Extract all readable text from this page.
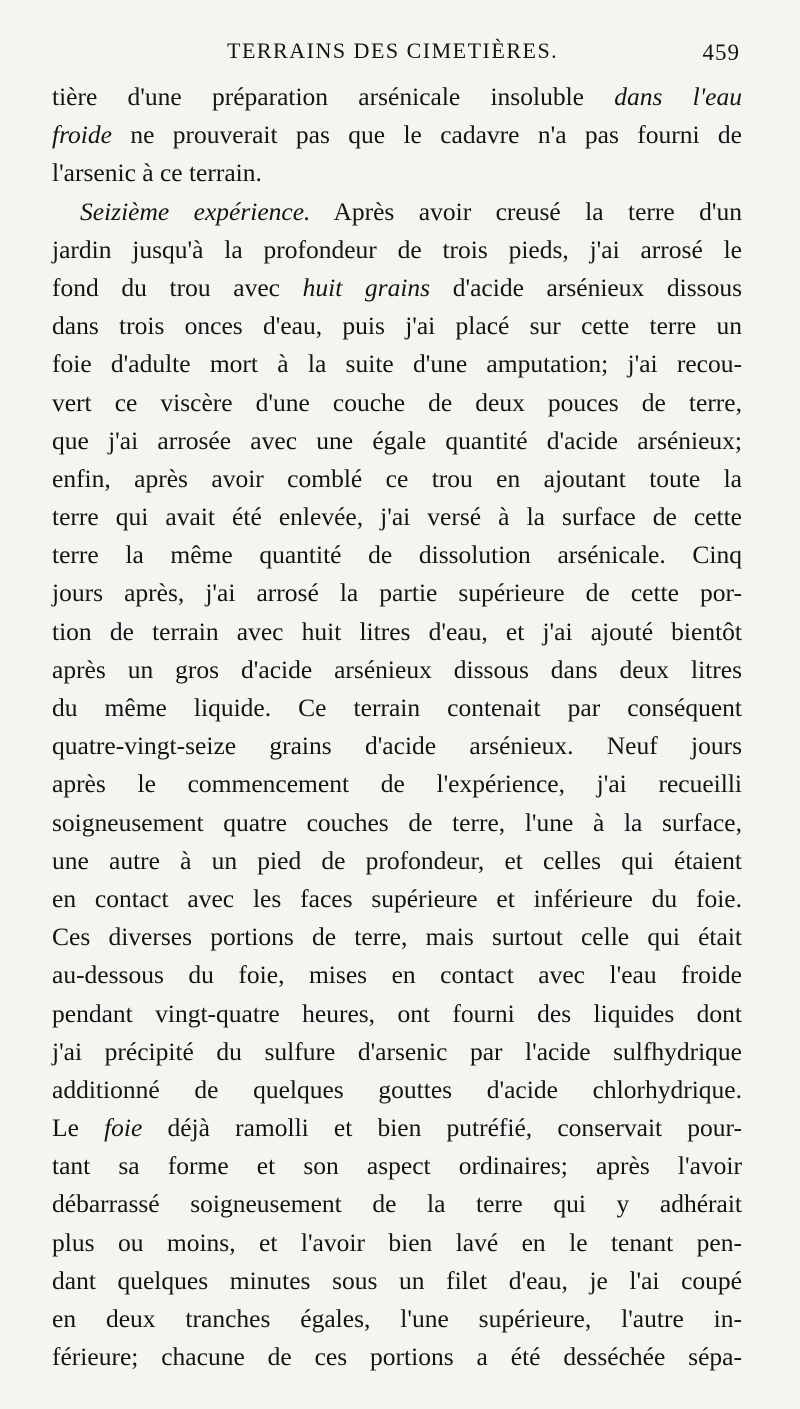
TERRAINS DES CIMETIÈRES.	459
tière d'une préparation arsénicale insoluble dans l'eau
froide ne prouverait pas que le cadavre n'a pas fourni de
l'arsenic à ce terrain.
Seizième expérience. Après avoir creusé la terre d'un
jardin jusqu'à la profondeur de trois pieds, j'ai arrosé le
fond du trou avec huit grains d'acide arsénieux dissous
dans trois onces d'eau, puis j'ai placé sur cette terre un
foie d'adulte mort à la suite d'une amputation; j'ai recou-
vert ce viscère d'une couche de deux pouces de terre,
que j'ai arrosée avec une égale quantité d'acide arsénieux;
enfin, après avoir comblé ce trou en ajoutant toute la
terre qui avait été enlevée, j'ai versé à la surface de cette
terre la même quantité de dissolution arsénicale. Cinq
jours après, j'ai arrosé la partie supérieure de cette por-
tion de terrain avec huit litres d'eau, et j'ai ajouté bientôt
après un gros d'acide arsénieux dissous dans deux litres
du même liquide. Ce terrain contenait par conséquent
quatre-vingt-seize grains d'acide arsénieux. Neuf jours
après le commencement de l'expérience, j'ai recueilli
soigneusement quatre couches de terre, l'une à la surface,
une autre à un pied de profondeur, et celles qui étaient
en contact avec les faces supérieure et inférieure du foie.
Ces diverses portions de terre, mais surtout celle qui était
au-dessous du foie, mises en contact avec l'eau froide
pendant vingt-quatre heures, ont fourni des liquides dont
j'ai précipité du sulfure d'arsenic par l'acide sulfhydrique
additionné de quelques gouttes d'acide chlorhydrique.
Le foie déjà ramolli et bien putréfié, conservait pour-
tant sa forme et son aspect ordinaires; après l'avoir
débarrassé soigneusement de la terre qui y adhérait
plus ou moins, et l'avoir bien lavé en le tenant pen-
dant quelques minutes sous un filet d'eau, je l'ai coupé
en deux tranches égales, l'une supérieure, l'autre in-
férieure; chacune de ces portions a été desséchée sépa-
